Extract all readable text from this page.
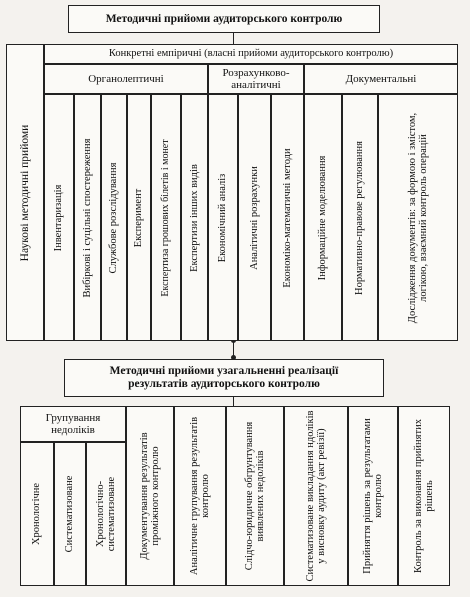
Методичні прийоми аудиторського контролю
Наукові методичні прийоми
Конкретні емпіричні (власні прийоми аудиторського контролю)
Органолептичні
Розрахунково-аналітичні
Документальні
Інвентаризація	Вибіркові і суцільні спостереження	Службове розслідування	Експеримент	Експертиза грошових білетів і монет	Експертизи інших видів	Економічний аналіз	Аналітичні розрахунки	Економіко-математичні методи	Інформаційне моделювання	Нормативно-правове регулювання	Дослідження документів: за формою і змістом, логікою, взаємний контроль операцій
Методичні прийоми узагальненні реалізації результатів аудиторського контролю
Групування недоліків
Хронологічне	Систематизоване	Хронологічно-систематизоване	Документування результатів проміжного контролю	Аналітичне групування результатів контролю	Слідчо-юридичне обгрунтування виявлених недоліків	Систематизоване викладання ндоліків у висновку аудиту (акт ревізії)	Прийняття рішень за результатами контролю	Контроль за виконання прийнятих рішень
